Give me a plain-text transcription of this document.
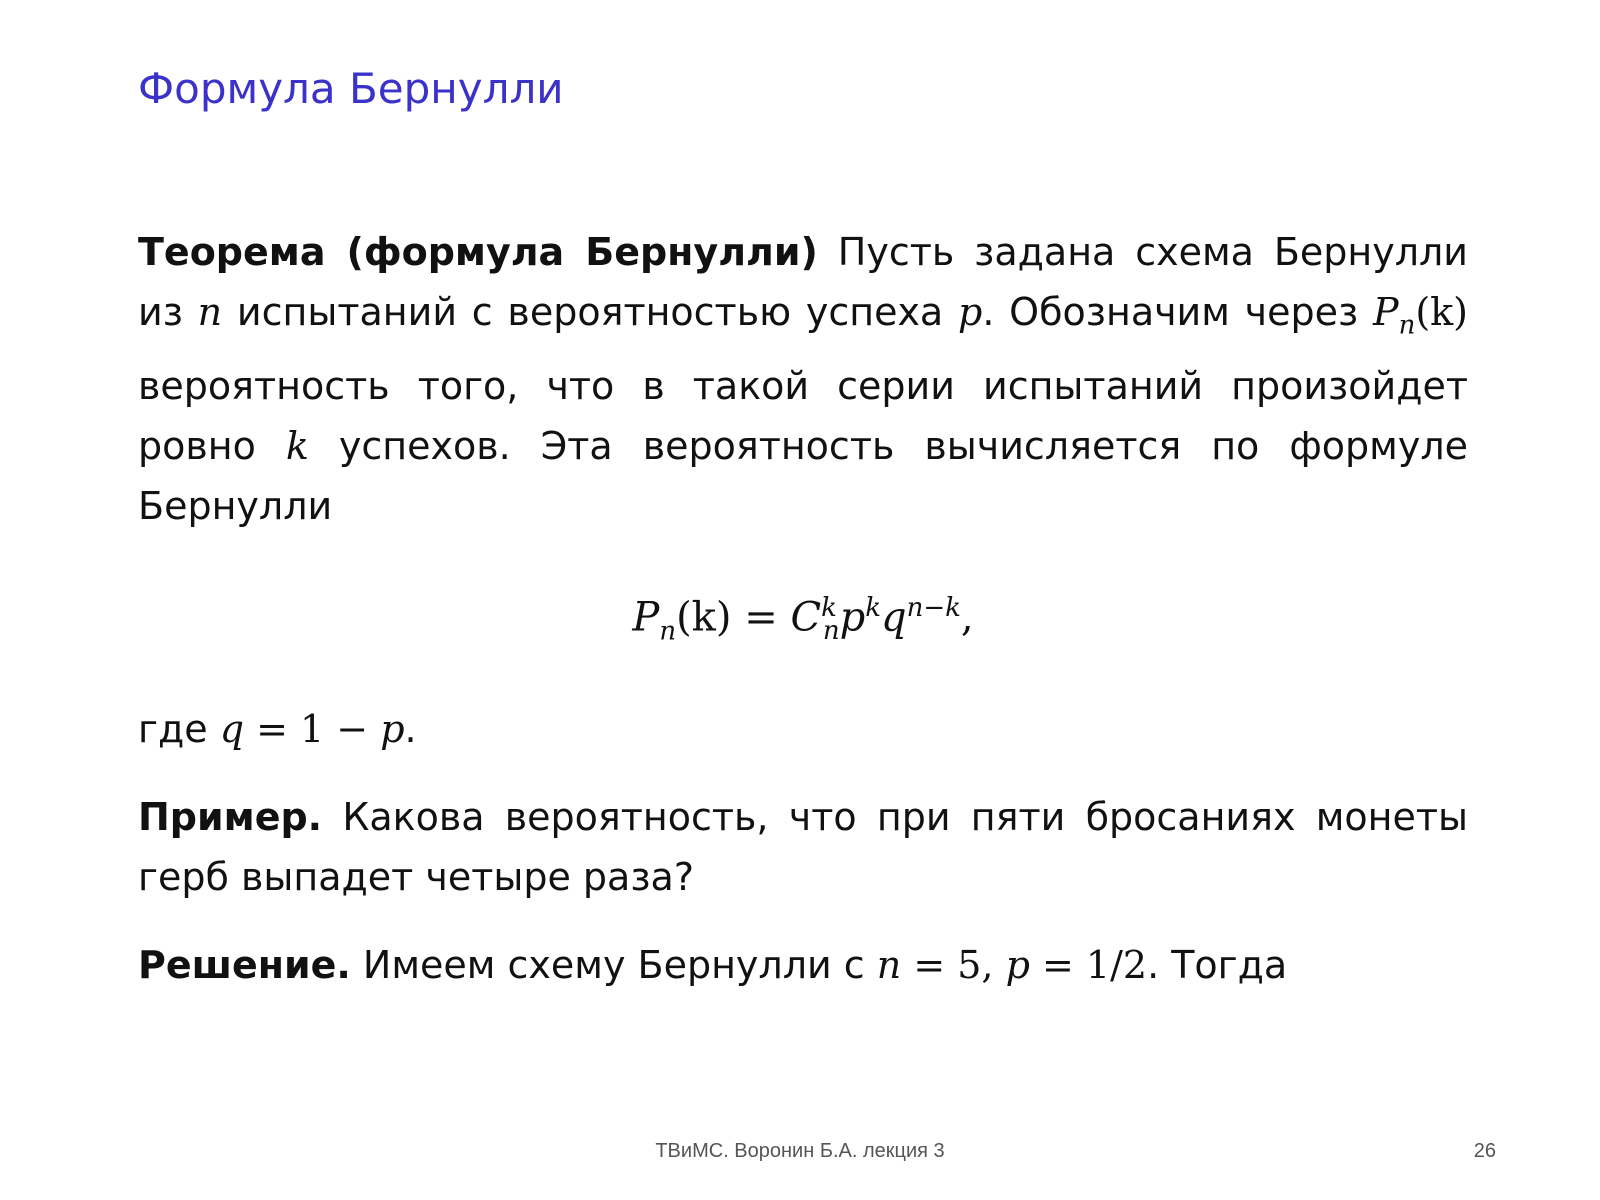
Формула Бернулли

Теорема (формула Бернулли) Пусть задана схема Бернулли из n испытаний с вероятностью успеха p. Обозначим через $P_n(k)$ вероятность того, что в такой серии испытаний произойдет ровно k успехов. Эта вероятность вычисляется по формуле Бернулли

$P_n(k) = C^k_np^kq^{n-k}$,

где q = 1 − p.

Пример. Какова вероятность, что при пяти бросаниях монеты герб выпадет четыре раза?

Решение. Имеем схему Бернулли с n = 5, p = 1/2. Тогда

ТВиМС. Воронин Б.А. лекция 3	26
